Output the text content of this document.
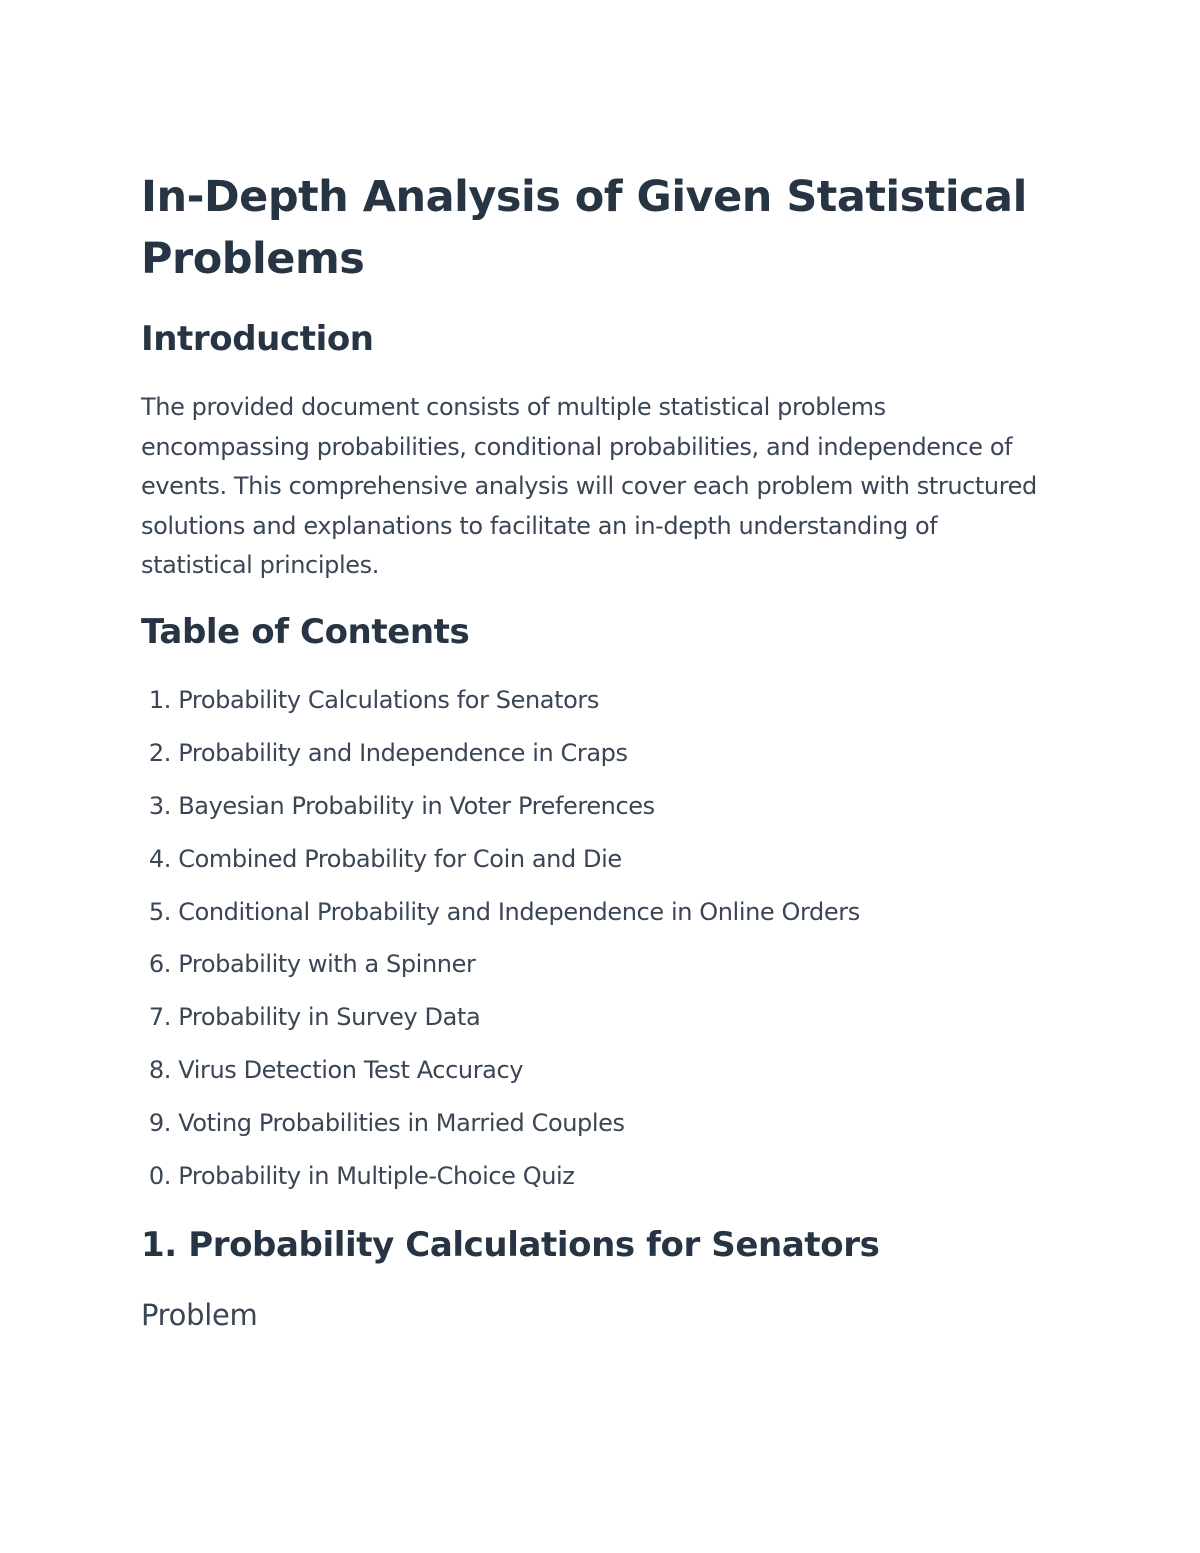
In-Depth Analysis of Given Statistical Problems
Introduction

The provided document consists of multiple statistical problems encompassing probabilities, conditional probabilities, and independence of events. This comprehensive analysis will cover each problem with structured solutions and explanations to facilitate an in-depth understanding of statistical principles.

Table of Contents
1. Probability Calculations for Senators
2. Probability and Independence in Craps
3. Bayesian Probability in Voter Preferences
4. Combined Probability for Coin and Die
5. Conditional Probability and Independence in Online Orders
6. Probability with a Spinner
7. Probability in Survey Data
8. Virus Detection Test Accuracy
9. Voting Probabilities in Married Couples
0. Probability in Multiple-Choice Quiz
1. Probability Calculations for Senators
Problem
